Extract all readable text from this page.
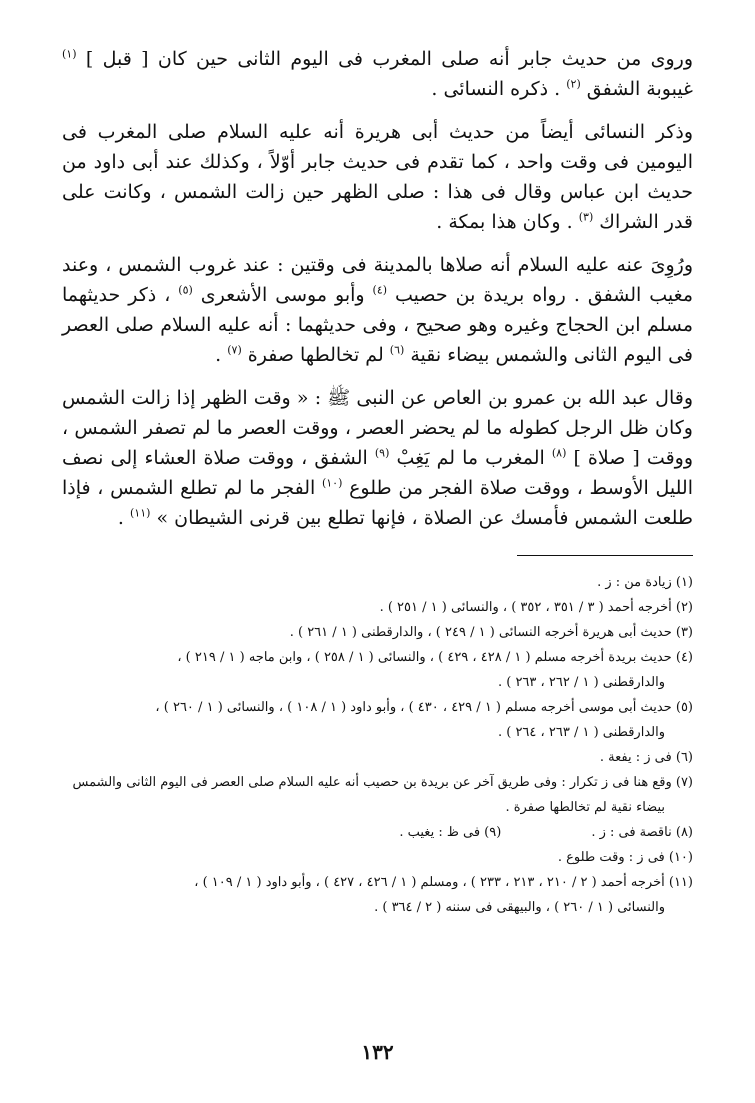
وروى من حديث جابر أنه صلى المغرب فى اليوم الثانى حين كان [ قبل ] $^{(١)}$ غيبوبة الشفق $^{(٢)}$ . ذكره النسائى .

وذكر النسائى أيضاً من حديث أبى هريرة أنه عليه السلام صلى المغرب فى اليومين فى وقت واحد ، كما تقدم فى حديث جابر أوّلاً ، وكذلك عند أبى داود من حديث ابن عباس وقال فى هذا : صلى الظهر حين زالت الشمس ، وكانت على قدر الشراك $^{(٣)}$ . وكان هذا بمكة .

ورُوِىَ عنه عليه السلام أنه صلاها بالمدينة فى وقتين : عند غروب الشمس ، وعند مغيب الشفق . رواه بريدة بن حصيب $^{(٤)}$ وأبو موسى الأشعرى $^{(٥)}$ ، ذكر حديثهما مسلم ابن الحجاج وغيره وهو صحيح ، وفى حديثهما : أنه عليه السلام صلى العصر فى اليوم الثانى والشمس بيضاء نقية $^{(٦)}$ لم تخالطها صفرة $^{(٧)}$ .

وقال عبد الله بن عمرو بن العاص عن النبى ﷺ : « وقت الظهر إذا زالت الشمس وكان ظل الرجل كطوله ما لم يحضر العصر ، ووقت العصر ما لم تصفر الشمس ، ووقت [ صلاة ] $^{(٨)}$ المغرب ما لم يَغِبْ $^{(٩)}$ الشفق ، ووقت صلاة العشاء إلى نصف الليل الأوسط ، ووقت صلاة الفجر من طلوع $^{(١٠)}$ الفجر ما لم تطلع الشمس ، فإذا طلعت الشمس فأمسك عن الصلاة ، فإنها تطلع بين قرنى الشيطان » $^{(١١)}$ .

(١) زيادة من : ز .
(٢) أخرجه أحمد ( ٣ / ٣٥١ ، ٣٥٢ ) ، والنسائى ( ١ / ٢٥١ ) .
(٣) حديث أبى هريرة أخرجه النسائى ( ١ / ٢٤٩ ) ، والدارقطنى ( ١ / ٢٦١ ) .
(٤) حديث بريدة أخرجه مسلم ( ١ / ٤٢٨ ، ٤٢٩ ) ، والنسائى ( ١ / ٢٥٨ ) ، وابن ماجه ( ١ / ٢١٩ ) ،
والدارقطنى ( ١ / ٢٦٢ ، ٢٦٣ ) .
(٥) حديث أبى موسى أخرجه مسلم ( ١ / ٤٢٩ ، ٤٣٠ ) ، وأبو داود ( ١ / ١٠٨ ) ، والنسائى ( ١ / ٢٦٠ ) ،
والدارقطنى ( ١ / ٢٦٣ ، ٢٦٤ ) .
(٦) فى ز : يفعة .
(٧) وقع هنا فى ز تكرار : وفى طريق آخر عن بريدة بن حصيب أنه عليه السلام صلى العصر فى اليوم الثانى والشمس
بيضاء نقية لم تخالطها صفرة .
(٨) ناقصة فى : ز .
(٩) فى ظ : يغيب .
(١٠) فى ز : وقت طلوع .
(١١) أخرجه أحمد ( ٢ / ٢١٠ ، ٢١٣ ، ٢٣٣ ) ، ومسلم ( ١ / ٤٢٦ ، ٤٢٧ ) ، وأبو داود ( ١ / ١٠٩ ) ،
والنسائى ( ١ / ٢٦٠ ) ، والبيهقى فى سننه ( ٢ / ٣٦٤ ) .
١٣٢
